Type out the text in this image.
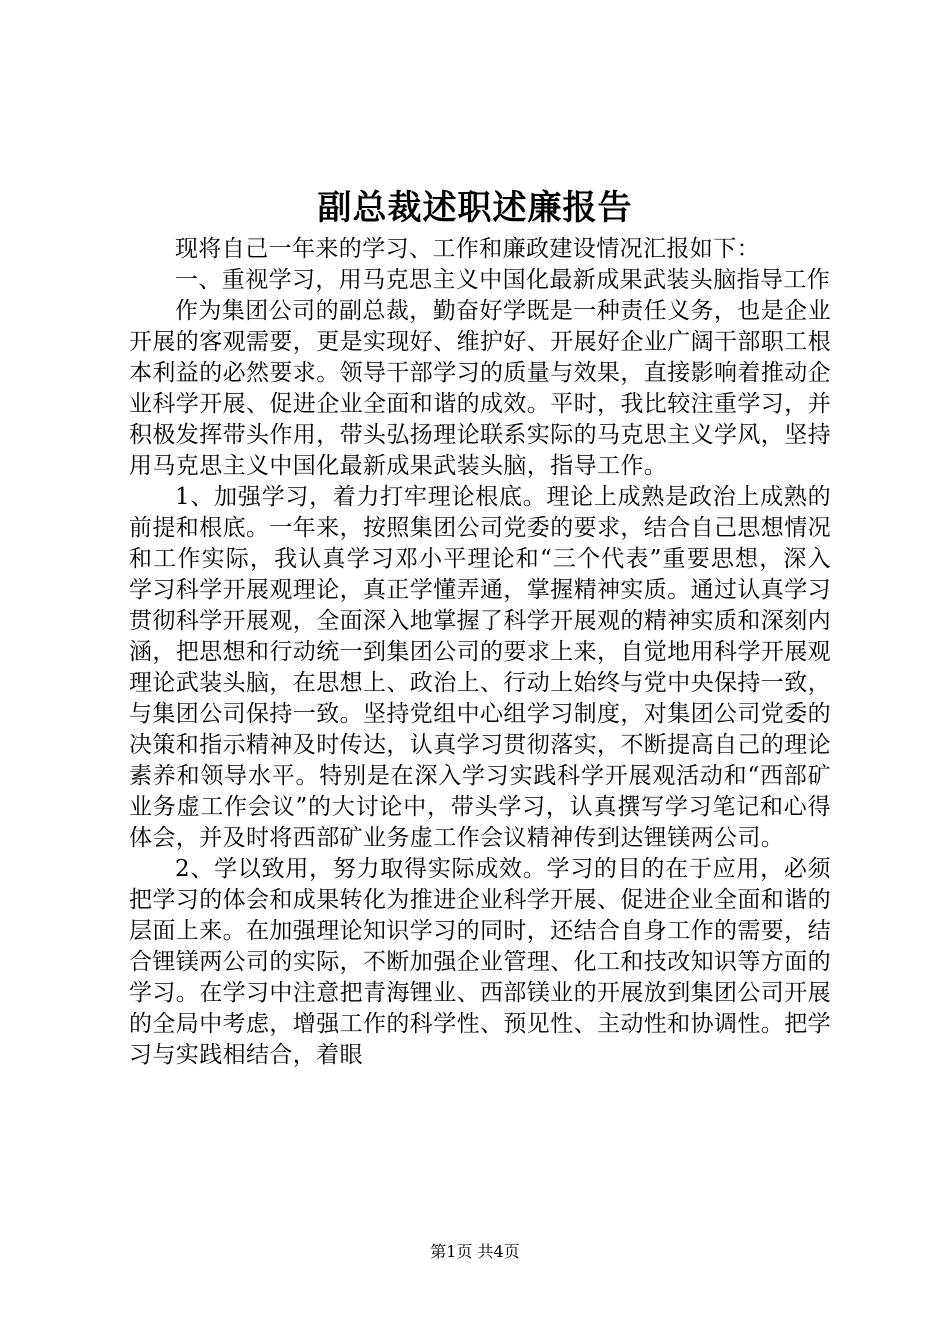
副总裁述职述廉报告

现将自己一年来的学习、工作和廉政建设情况汇报如下：

一、重视学习，用马克思主义中国化最新成果武装头脑指导工作

作为集团公司的副总裁，勤奋好学既是一种责任义务，也是企业开展的客观需要，更是实现好、维护好、开展好企业广阔干部职工根本利益的必然要求。领导干部学习的质量与效果，直接影响着推动企业科学开展、促进企业全面和谐的成效。平时，我比较注重学习，并积极发挥带头作用，带头弘扬理论联系实际的马克思主义学风，坚持用马克思主义中国化最新成果武装头脑，指导工作。

1、加强学习，着力打牢理论根底。理论上成熟是政治上成熟的前提和根底。一年来，按照集团公司党委的要求，结合自己思想情况和工作实际，我认真学习邓小平理论和“三个代表”重要思想，深入学习科学开展观理论，真正学懂弄通，掌握精神实质。通过认真学习贯彻科学开展观，全面深入地掌握了科学开展观的精神实质和深刻内涵，把思想和行动统一到集团公司的要求上来，自觉地用科学开展观理论武装头脑，在思想上、政治上、行动上始终与党中央保持一致，与集团公司保持一致。坚持党组中心组学习制度，对集团公司党委的决策和指示精神及时传达，认真学习贯彻落实，不断提高自己的理论素养和领导水平。特别是在深入学习实践科学开展观活动和“西部矿业务虚工作会议”的大讨论中，带头学习，认真撰写学习笔记和心得体会，并及时将西部矿业务虚工作会议精神传到达锂镁两公司。

2、学以致用，努力取得实际成效。学习的目的在于应用，必须把学习的体会和成果转化为推进企业科学开展、促进企业全面和谐的层面上来。在加强理论知识学习的同时，还结合自身工作的需要，结合锂镁两公司的实际，不断加强企业管理、化工和技改知识等方面的学习。在学习中注意把青海锂业、西部镁业的开展放到集团公司开展的全局中考虑，增强工作的科学性、预见性、主动性和协调性。把学习与实践相结合，着眼

第1页 共4页
